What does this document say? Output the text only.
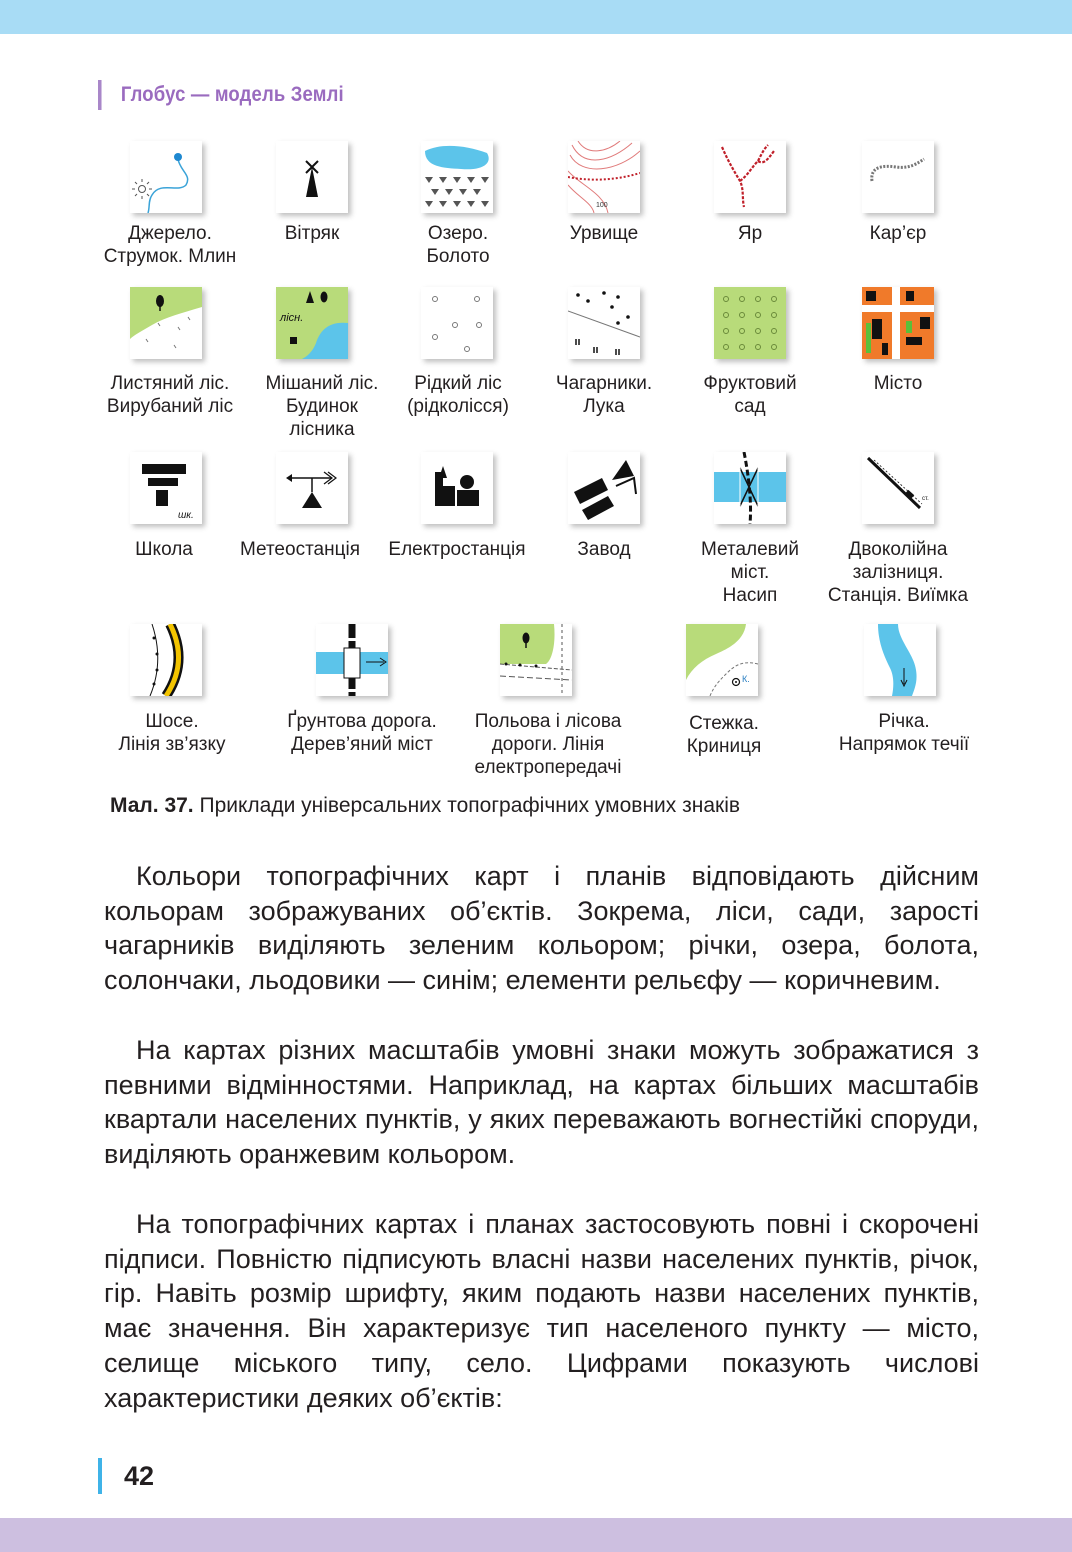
Глобус — модель Землі
Джерело.
Струмок. Млин
Вітряк	Озеро.
Болото
100
Урвище	Яр	Кар’єр
Листяний ліс.
Вирубаний ліс
лісн.
Мішаний ліс.
Будинок
лісника
Рідкий ліс
(рідколісся)
Чагарники.
Лука
Фруктовий
сад
Місто
шк.
Школа	Метеостанція	Електростанція	Завод	Металевий
міст.
Насип
ст.
Двоколійна
залізниця.
Станція. Виїмка
Шосе.
Лінія зв’язку
Ґрунтова дорога.
Дерев’яний міст
Польова і лісова
дороги. Лінія
електропередачі
К.
Стежка.
Криниця
Річка.
Напрямок течії
Мал. 37. Приклади універсальних топографічних умовних знаків

Кольори топографічних карт і планів відповідають дійсним кольорам зображуваних об’єктів. Зокрема, ліси, сади, зарості чагарників виділяють зеленим кольором; річки, озера, болота, солончаки, льодовики — синім; елементи рельєфу — коричневим.

На картах різних масштабів умовні знаки можуть зображатися з певними відмінностями. Наприклад, на картах більших масштабів квартали населених пунктів, у яких переважають вогнестійкі споруди, виділяють оранжевим кольором.

На топографічних картах і планах застосовують повні і скорочені підписи. Повністю підписують власні назви населених пунктів, річок, гір. Навіть розмір шрифту, яким подають назви населених пунктів, має значення. Він характеризує тип населеного пункту — місто, селище міського типу, село. Цифрами показують числові характеристики деяких об’єктів:

42
